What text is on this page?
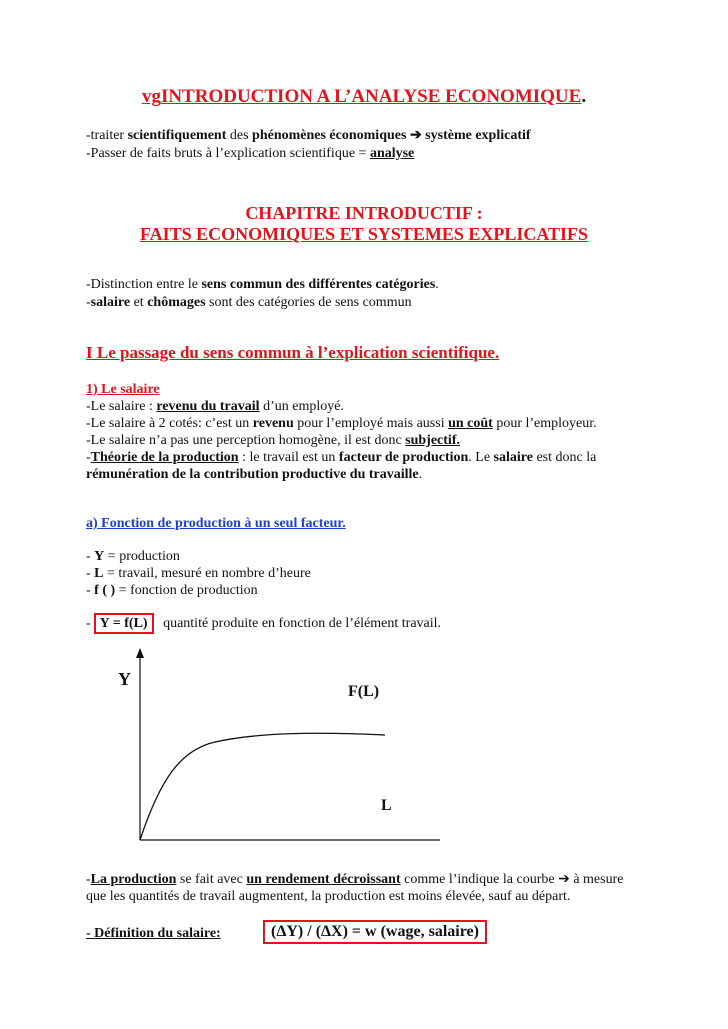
vgINTRODUCTION A L’ANALYSE ECONOMIQUE.
-traiter scientifiquement des phénomènes économiques ➔ système explicatif
-Passer de faits bruts à l’explication scientifique = analyse
CHAPITRE INTRODUCTIF :
FAITS ECONOMIQUES ET SYSTEMES EXPLICATIFS
-Distinction entre le sens commun des différentes catégories.
-salaire et chômages sont des catégories de sens commun
I Le passage du sens commun à l’explication scientifique.
1) Le salaire
-Le salaire : revenu du travail d’un employé.
-Le salaire à 2 cotés: c’est un revenu pour l’employé mais aussi un coût pour l’employeur.
-Le salaire n’a pas une perception homogène, il est donc subjectif.
-Théorie de la production : le travail est un facteur de production. Le salaire est donc la
rémunération de la contribution productive du travaille.
a) Fonction de production à un seul facteur.
- Y = production
- L = travail, mesuré en nombre d’heure
- f ( ) = fonction de production
- Y = f(L) quantité produite en fonction de l’élément travail.
Y
F(L)
L
-La production se fait avec un rendement décroissant comme l’indique la courbe ➔ à mesure
que les quantités de travail augmentent, la production est moins élevée, sauf au départ.
- Définition du salaire:	(ΔY) / (ΔX) = w (wage, salaire)
